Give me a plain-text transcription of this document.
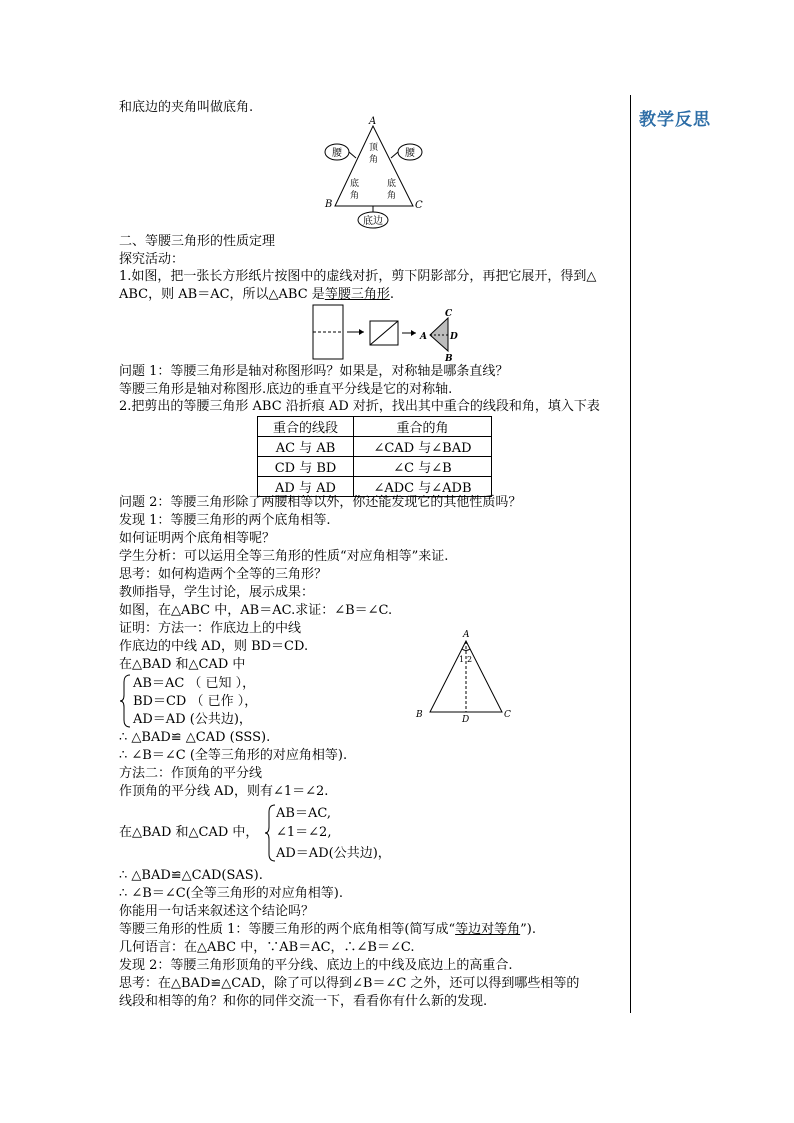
教学反思
和底边的夹角叫做底角.
A
B	C
腰	腰
顶
角
底
角
底
角
底边
二、等腰三角形的性质定理
探究活动：
1.如图，把一张长方形纸片按图中的虚线对折，剪下阴影部分，再把它展开，得到△
ABC，则 AB＝AC，所以△ABC 是等腰三角形.
C
A	D
B
问题 1：等腰三角形是轴对称图形吗？如果是，对称轴是哪条直线？
等腰三角形是轴对称图形.底边的垂直平分线是它的对称轴.
2.把剪出的等腰三角形 ABC 沿折痕 AD 对折，找出其中重合的线段和角，填入下表
重合的线段	重合的角
AC 与 AB	∠CAD 与∠BAD
CD 与 BD	∠C 与∠B
AD 与 AD	∠ADC 与∠ADB
问题 2：等腰三角形除了两腰相等以外，你还能发现它的其他性质吗？
发现 1：等腰三角形的两个底角相等.
如何证明两个底角相等呢？
学生分析：可以运用全等三角形的性质“对应角相等”来证.
思考：如何构造两个全等的三角形？
教师指导，学生讨论，展示成果：
如图，在△ABC 中，AB＝AC.求证：∠B＝∠C.
证明：方法一：作底边上的中线
作底边的中线 AD，则 BD＝CD.
在△BAD 和△CAD 中
AB＝AC （ 已知 ），
BD＝CD （ 已作 ），
AD＝AD (公共边)，
A
B	C
D
1 2
∴ △BAD≌ △CAD (SSS).
∴ ∠B＝∠C (全等三角形的对应角相等).
方法二：作顶角的平分线
作顶角的平分线 AD，则有∠1＝∠2.
在△BAD 和△CAD 中，
AB＝AC,
∠1＝∠2,
AD＝AD(公共边)，
∴ △BAD≌△CAD(SAS).
∴ ∠B＝∠C(全等三角形的对应角相等).
你能用一句话来叙述这个结论吗？
等腰三角形的性质 1：等腰三角形的两个底角相等(简写成“等边对等角”).
几何语言：在△ABC 中，∵AB＝AC，∴∠B＝∠C.
发现 2：等腰三角形顶角的平分线、底边上的中线及底边上的高重合.
思考：在△BAD≌△CAD，除了可以得到∠B＝∠C 之外，还可以得到哪些相等的
线段和相等的角？和你的同伴交流一下，看看你有什么新的发现.
